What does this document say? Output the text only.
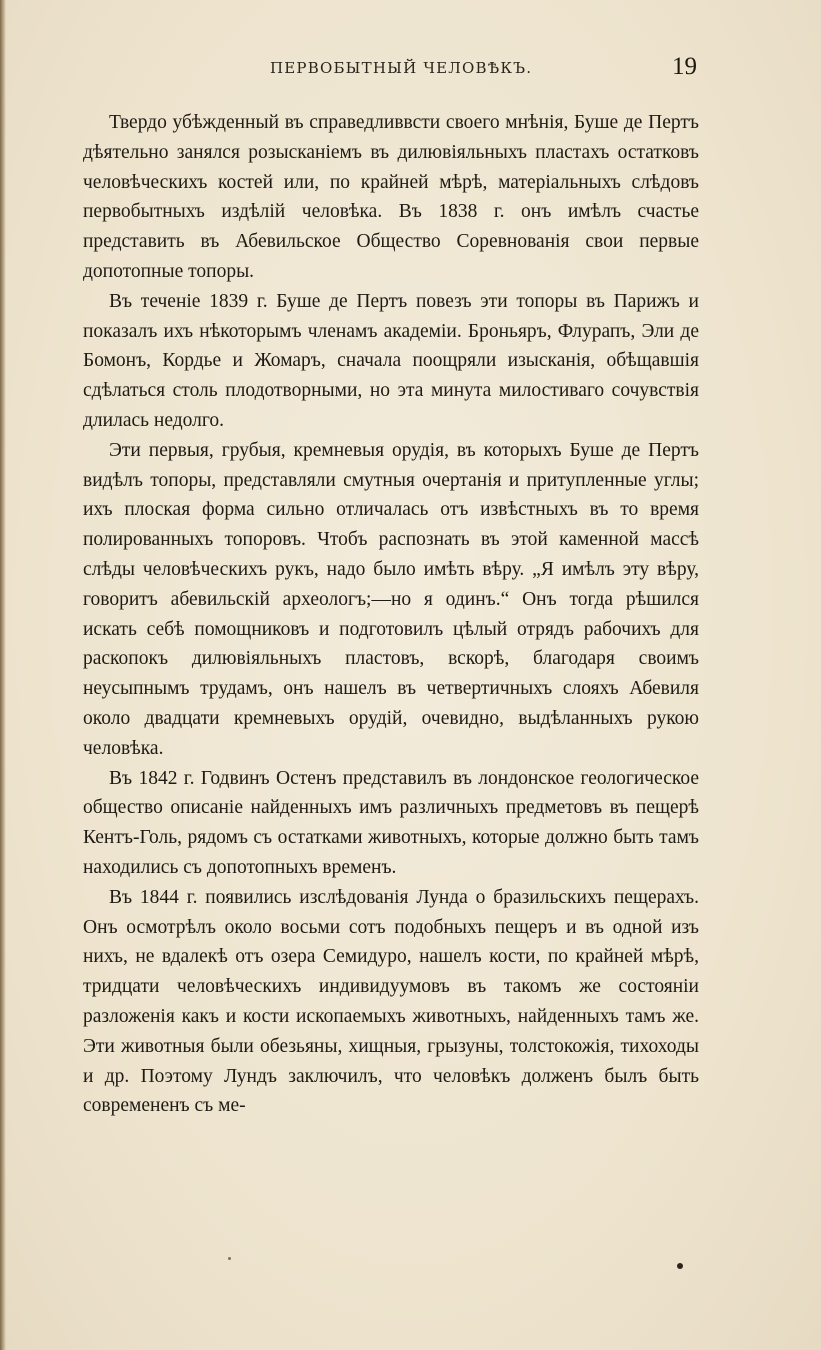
ПЕРВОБЫТНЫЙ ЧЕЛОВѢКЪ.	19

Твердо убѣжденный въ справедливвсти своего мнѣнія, Буше де Пертъ дѣятельно занялся розысканіемъ въ дилювіяльныхъ пластахъ остатковъ человѣческихъ костей или, по крайней мѣрѣ, матеріальныхъ слѣдовъ первобытныхъ издѣлій человѣка. Въ 1838 г. онъ имѣлъ счастье представить въ Абевильское Общество Соревнованія свои первые допотопные топоры.

Въ теченіе 1839 г. Буше де Пертъ повезъ эти топоры въ Парижъ и показалъ ихъ нѣкоторымъ членамъ академіи. Броньяръ, Флурапъ, Эли де Бомонъ, Кордье и Жомаръ, сначала поощряли изысканія, обѣщавшія сдѣлаться столь плодотворными, но эта минута милостиваго сочувствія длилась недолго.

Эти первыя, грубыя, кремневыя орудія, въ которыхъ Буше де Пертъ видѣлъ топоры, представляли смутныя очертанія и притупленные углы; ихъ плоская форма сильно отличалась отъ извѣстныхъ въ то время полированныхъ топоровъ. Чтобъ распознать въ этой каменной массѣ слѣды человѣческихъ рукъ, надо было имѣть вѣру. „Я имѣлъ эту вѣру, говоритъ абевильскій археологъ;—но я одинъ.“ Онъ тогда рѣшился искать себѣ помощниковъ и подготовилъ цѣлый отрядъ рабочихъ для раскопокъ дилювіяльныхъ пластовъ, вскорѣ, благодаря своимъ неусыпнымъ трудамъ, онъ нашелъ въ четвертичныхъ слояхъ Абевиля около двадцати кремневыхъ орудій, очевидно, выдѣланныхъ рукою человѣка.

Въ 1842 г. Годвинъ Остенъ представилъ въ лондонское геологическое общество описаніе найденныхъ имъ различныхъ предметовъ въ пещерѣ Кентъ-Голь, рядомъ съ остатками животныхъ, которые должно быть тамъ находились съ допотопныхъ временъ.

Въ 1844 г. появились изслѣдованія Лунда о бразильскихъ пещерахъ. Онъ осмотрѣлъ около восьми сотъ подобныхъ пещеръ и въ одной изъ нихъ, не вдалекѣ отъ озера Семидуро, нашелъ кости, по крайней мѣрѣ, тридцати человѣческихъ индивидуумовъ въ такомъ же состояніи разложенія какъ и кости ископаемыхъ животныхъ, найденныхъ тамъ же. Эти животныя были обезьяны, хищныя, грызуны, толстокожія, тихоходы и др. Поэтому Лундъ заключилъ, что человѣкъ долженъ былъ быть современенъ съ ме-
